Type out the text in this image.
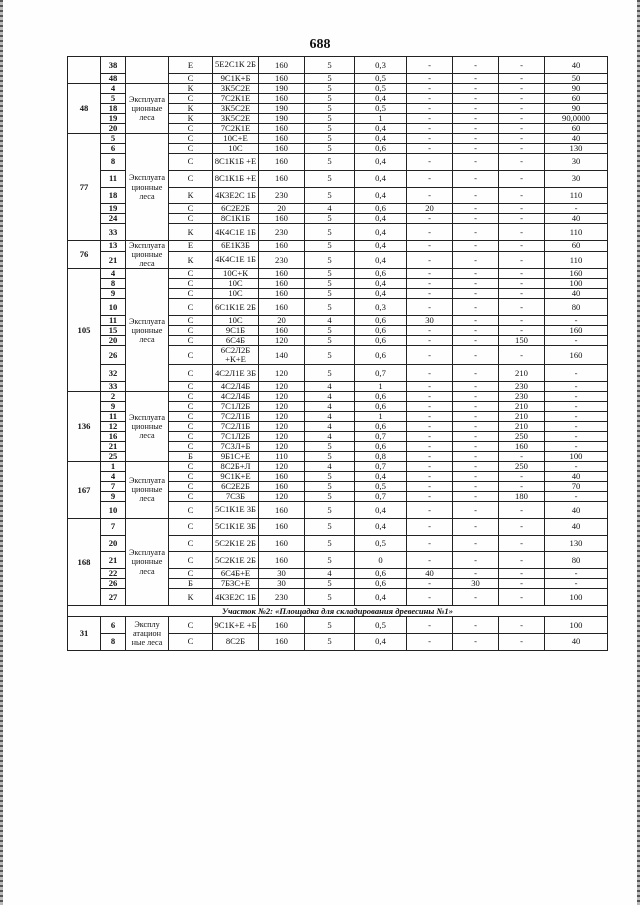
688
	38		Е	5Е2С1К 2Б	160	5	0,3	-	-	-	40
	48		С	9С1К+Б	160	5	0,5	-	-	-	50
48	4	Эксплуата ционные леса	К	3К5С2Е	190	5	0,5	-	-	-	90
	5		С	7С2К1Е	160	5	0,4	-	-	-	60
	18		К	3К5С2Е	190	5	0,5	-	-	-	90
	19		К	3К5С2Е	190	5	1	-	-	-	90,0000
	20		С	7С2К1Е	160	5	0,4	-	-	-	60
77	5	Эксплуата ционные леса	С	10С+Е	160	5	0,4	-	-	-	40
	6		С	10С	160	5	0,6	-	-	-	130
	8		С	8С1К1Б +Е	160	5	0,4	-	-	-	30
	11		С	8С1К1Б +Е	160	5	0,4	-	-	-	30
	18		К	4К3Е2С 1Б	230	5	0,4	-	-	-	110
	19		С	6С2Е2Б	20	4	0,6	20	-	-	-
	24		С	8С1К1Б	160	5	0,4	-	-	-	40
	33		К	4К4С1Е 1Б	230	5	0,4	-	-	-	110
76	13	Эксплуата ционные леса	Е	6Е1К3Б	160	5	0,4	-	-	-	60
	21		К	4К4С1Е 1Б	230	5	0,4	-	-	-	110
105	4	Эксплуата ционные леса	С	10С+К	160	5	0,6	-	-	-	160
	8		С	10С	160	5	0,4	-	-	-	100
	9		С	10С	160	5	0,4	-	-	-	40
	10		С	6С1К1Е 2Б	160	5	0,3	-	-	-	80
	11		С	10С	20	4	0,6	30	-	-	-
	15		С	9С1Б	160	5	0,6	-	-	-	160
	20		С	6С4Б	120	5	0,6	-	-	150	-
	26		С	6С2Л2Б +К+Е	140	5	0,6	-	-	-	160
	32		С	4С2Л1Е 3Б	120	5	0,7	-	-	210	-
	33		С	4С2Л4Б	120	4	1	-	-	230	-
136	2	Эксплуата ционные леса	С	4С2Л4Б	120	4	0,6	-	-	230	-
	9		С	7С1Л2Б	120	4	0,6	-	-	210	-
	11		С	7С2Л1Б	120	4	1	-	-	210	-
	12		С	7С2Л1Б	120	4	0,6	-	-	210	-
	16		С	7С1Л2Б	120	4	0,7	-	-	250	-
	21		С	7С3Л+Б	120	5	0,6	-	-	160	-
	25		Б	9Б1С+Е	110	5	0,8	-	-	-	100
167	1	Эксплуата ционные леса	С	8С2Б+Л	120	4	0,7	-	-	250	-
	4		С	9С1К+Е	160	5	0,4	-	-	-	40
	7		С	6С2Е2Б	160	5	0,5	-	-	-	70
	9		С	7С3Б	120	5	0,7	-	-	180	-
	10		С	5С1К1Е 3Б	160	5	0,4	-	-	-	40
168	7	Эксплуата ционные леса	С	5С1К1Е 3Б	160	5	0,4	-	-	-	40
	20		С	5С2К1Е 2Б	160	5	0,5	-	-	-	130
	21		С	5С2К1Е 2Б	160	5	0	-	-	-	80
	22		С	6С4Б+Е	30	4	0,6	40	-	-	-
	26		Б	7Б3С+Е	30	5	0,6	-	30	-	-
	27		К	4К3Е2С 1Б	230	5	0,4	-	-	-	100
Участок №2: «Площадка для складирования древесины №1»											
31	6	Эксплу атацион ные леса	С	9С1К+Е +Б	160	5	0,5	-	-	-	100
	8		С	8С2Б	160	5	0,4	-	-	-	40
